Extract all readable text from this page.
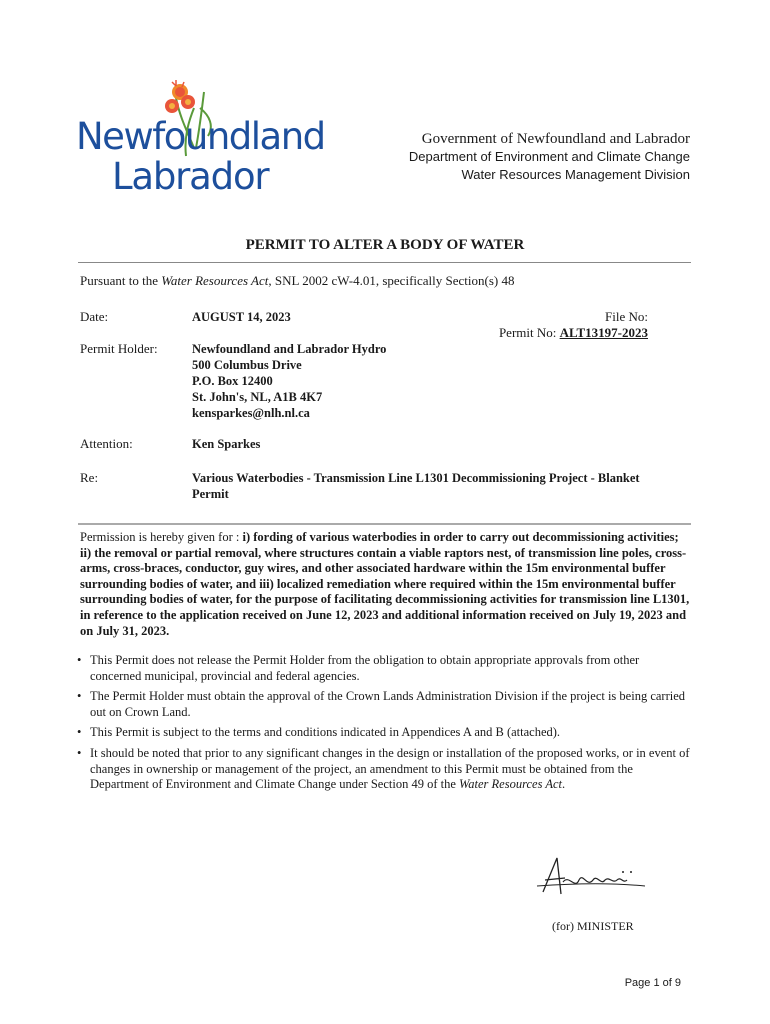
Newfoundland
Labrador
Government of Newfoundland and Labrador
Department of Environment and Climate Change
Water Resources Management Division
PERMIT TO ALTER A BODY OF WATER
Pursuant to the Water Resources Act, SNL 2002 cW-4.01, specifically Section(s) 48
Date:	AUGUST 14, 2023	File No:
Permit No: ALT13197-2023
Permit Holder:	Newfoundland and Labrador Hydro
500 Columbus Drive
P.O. Box 12400
St. John's, NL, A1B 4K7
kensparkes@nlh.nl.ca
Attention:	Ken Sparkes
Re:	Various Waterbodies - Transmission Line L1301 Decommissioning Project - Blanket
Permit
Permission is hereby given for : i) fording of various waterbodies in order to carry out decommissioning activities; ii) the removal or partial removal, where structures contain a viable raptors nest, of transmission line poles, cross-arms, cross-braces, conductor, guy wires, and other associated hardware within the 15m environmental buffer surrounding bodies of water, and iii) localized remediation where required within the 15m environmental buffer surrounding bodies of water, for the purpose of facilitating decommissioning activities for transmission line L1301, in reference to the application received on June 12, 2023 and additional information received on July 19, 2023 and on July 31, 2023.
• This Permit does not release the Permit Holder from the obligation to obtain appropriate approvals from other concerned municipal, provincial and federal agencies.
• The Permit Holder must obtain the approval of the Crown Lands Administration Division if the project is being carried out on Crown Land.
• This Permit is subject to the terms and conditions indicated in Appendices A and B (attached).
• It should be noted that prior to any significant changes in the design or installation of the proposed works, or in event of changes in ownership or management of the project, an amendment to this Permit must be obtained from the Department of Environment and Climate Change under Section 49 of the Water Resources Act.
(for) MINISTER
Page 1 of 9
